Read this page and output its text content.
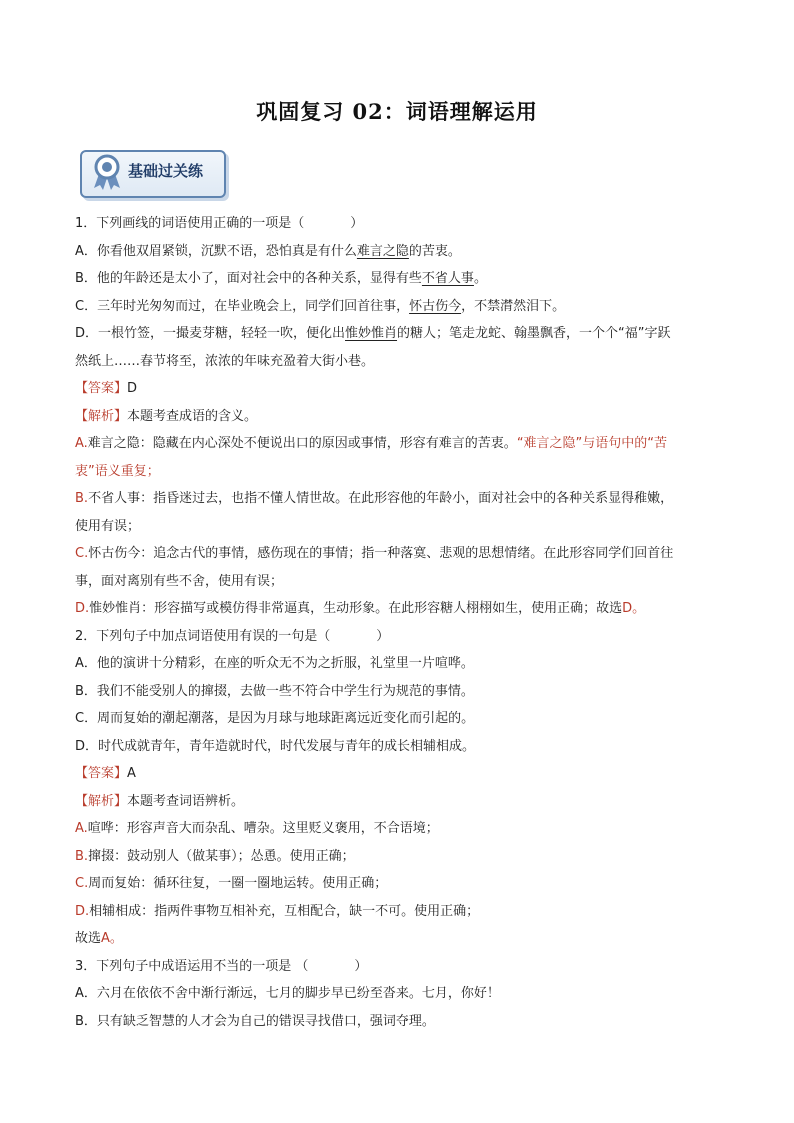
巩固复习 02：词语理解运用
基础过关练
1．下列画线的词语使用正确的一项是（	）
A．你看他双眉紧锁，沉默不语，恐怕真是有什么难言之隐的苦衷。
B．他的年龄还是太小了，面对社会中的各种关系，显得有些不省人事。
C．三年时光匆匆而过，在毕业晚会上，同学们回首往事，怀古伤今，不禁潸然泪下。
D．一根竹签，一撮麦芽糖，轻轻一吹，便化出惟妙惟肖的糖人；笔走龙蛇、翰墨飘香，一个个“福”字跃
然纸上……春节将至，浓浓的年味充盈着大街小巷。
【答案】D
【解析】本题考查成语的含义。
A.难言之隐：隐藏在内心深处不便说出口的原因或事情，形容有难言的苦衷。“难言之隐”与语句中的“苦
衷”语义重复；
B.不省人事：指昏迷过去，也指不懂人情世故。在此形容他的年龄小，面对社会中的各种关系显得稚嫩，
使用有误；
C.怀古伤今：追念古代的事情，感伤现在的事情；指一种落寞、悲观的思想情绪。在此形容同学们回首往
事，面对离别有些不舍，使用有误；
D.惟妙惟肖：形容描写或模仿得非常逼真，生动形象。在此形容糖人栩栩如生，使用正确；故选D。
2．下列句子中加点词语使用有误的一句是（	）
A．他的演讲十分精彩，在座的听众无不为之折服，礼堂里一片喧哗。
B．我们不能受别人的撺掇，去做一些不符合中学生行为规范的事情。
C．周而复始的潮起潮落，是因为月球与地球距离远近变化而引起的。
D．时代成就青年，青年造就时代，时代发展与青年的成长相辅相成。
【答案】A
【解析】本题考查词语辨析。
A.喧哗：形容声音大而杂乱、嘈杂。这里贬义褒用，不合语境；
B.撺掇：鼓动别人（做某事）；怂恿。使用正确；
C.周而复始：循环往复，一圈一圈地运转。使用正确；
D.相辅相成：指两件事物互相补充，互相配合，缺一不可。使用正确；
故选A。
3．下列句子中成语运用不当的一项是 （	）
A．六月在依依不舍中渐行渐远，七月的脚步早已纷至沓来。七月，你好！
B．只有缺乏智慧的人才会为自己的错误寻找借口，强词夺理。
